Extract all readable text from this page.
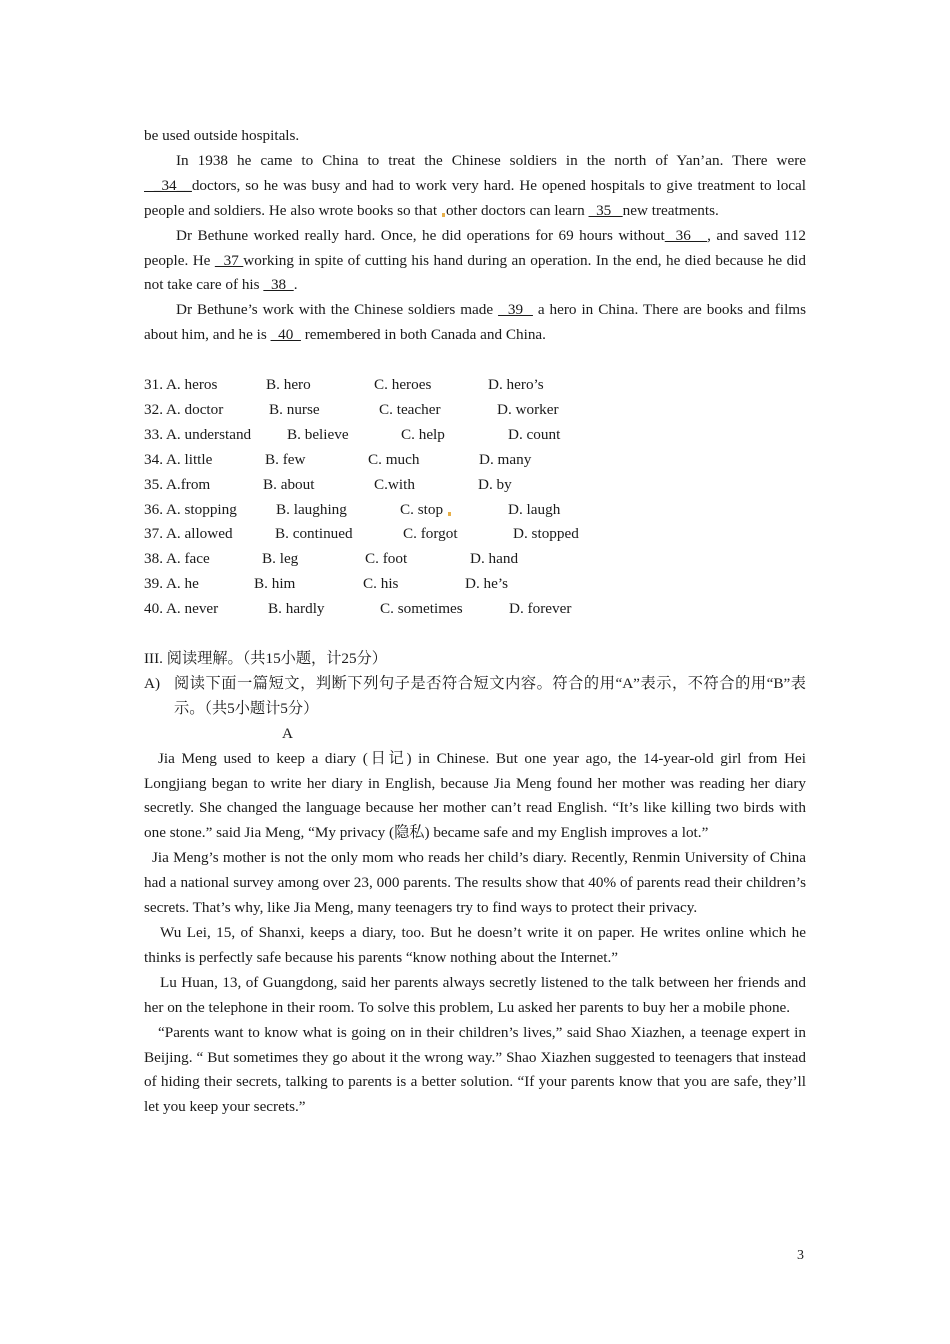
be used outside hospitals.

In 1938 he came to China to treat the Chinese soldiers in the north of Yan’an. There were   _34__doctors, so he was busy and had to work very hard. He opened hospitals to give treatment to local people and soldiers. He also wrote books so that other doctors can learn   35   new treatments.

Dr Bethune worked really hard. Once, he did operations for 69 hours without  36   , and saved 112 people. He   37 working in spite of cutting his hand during an operation. In the end, he died because he did not take care of his   38  .

Dr Bethune’s work with the Chinese soldiers made   39   a hero in China. There are books and films about him, and he is   40   remembered in both Canada and China.

31. A. heros	B. hero	C. heroes	D. hero’s
32. A. doctor	B. nurse	C. teacher	D. worker
33. A. understand	B. believe	C. help	D. count
34. A. little	B. few	C. much	D. many
35. A.from	B. about	C.with	D. by
36. A. stopping	B. laughing	C. stop	D. laugh
37. A. allowed	B. continued	C. forgot	D. stopped
38. A. face	B. leg	C. foot	D. hand
39. A. he	B. him	C. his	D. he’s
40. A. never	B. hardly	C. sometimes	D. forever

III. 阅读理解。（共15小题，计25分）

A) 阅读下面一篇短文，判断下列句子是否符合短文内容。符合的用“A”表示，不符合的用“B”表示。（共5小题计5分）

A

Jia Meng used to keep a diary (日记) in Chinese. But one year ago, the 14-year-old girl from Hei Longjiang began to write her diary in English, because Jia Meng found her mother was reading her diary secretly. She changed the language because her mother can’t read English. “It’s like killing two birds with one stone.” said Jia Meng, “My privacy (隐私) became safe and my English improves a lot.”

Jia Meng’s mother is not the only mom who reads her child’s diary. Recently, Renmin University of China had a national survey among over 23, 000 parents. The results show that 40% of parents read their children’s secrets. That’s why, like Jia Meng, many teenagers try to find ways to protect their privacy.

Wu Lei, 15, of Shanxi, keeps a diary, too. But he doesn’t write it on paper. He writes online which he thinks is perfectly safe because his parents “know nothing about the Internet.”

Lu Huan, 13, of Guangdong, said her parents always secretly listened to the talk between her friends and her on the telephone in their room. To solve this problem, Lu asked her parents to buy her a mobile phone.

“Parents want to know what is going on in their children’s lives,” said Shao Xiazhen, a teenage expert in Beijing. “ But sometimes they go about it the wrong way.” Shao Xiazhen suggested to teenagers that instead of hiding their secrets, talking to parents is a better solution. “If your parents know that you are safe, they’ll let you keep your secrets.”

3
